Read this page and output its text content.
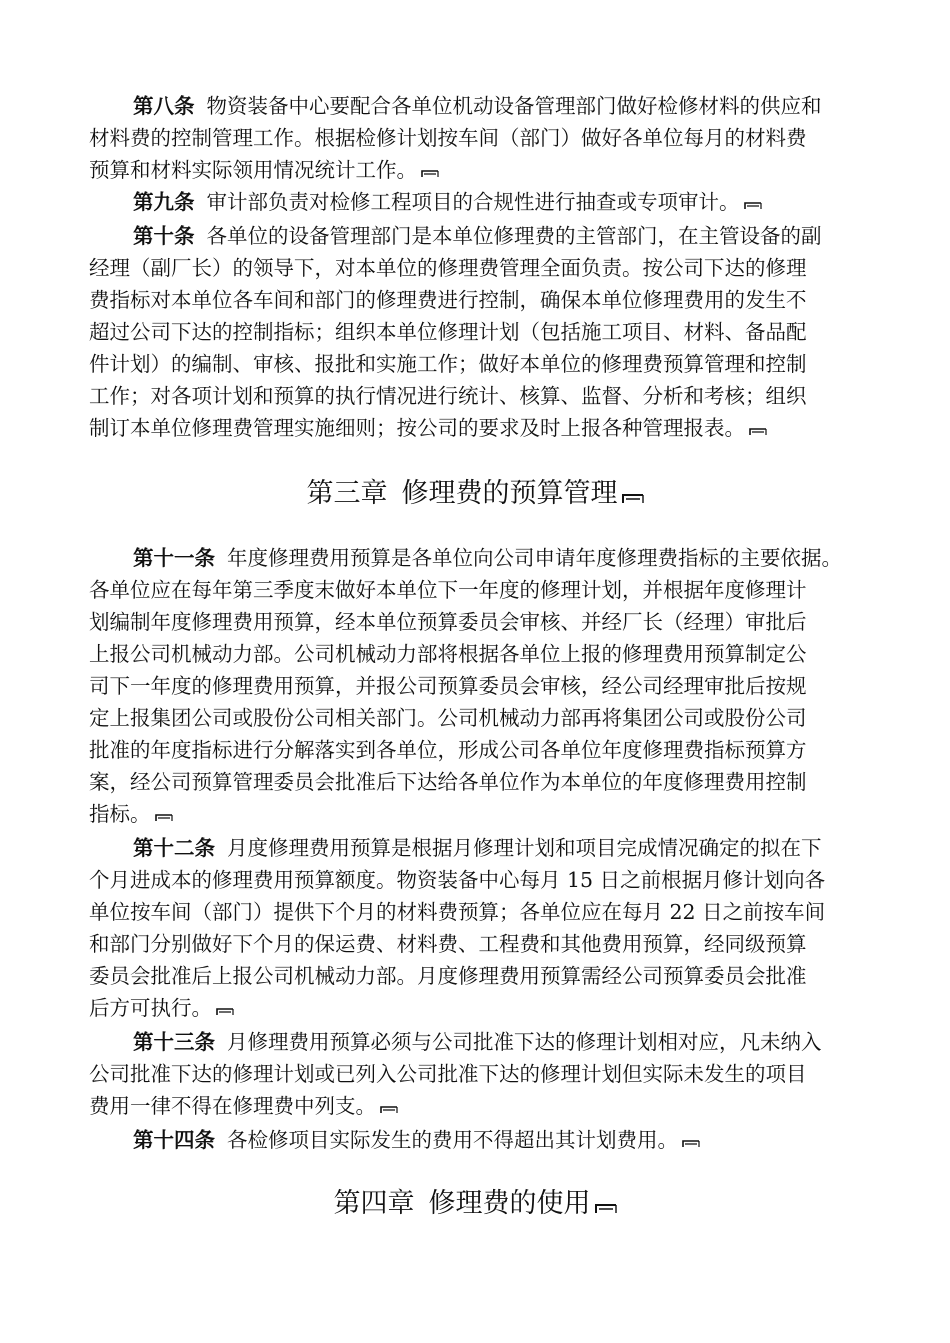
第八条 物资装备中心要配合各单位机动设备管理部门做好检修材料的供应和
材料费的控制管理工作。根据检修计划按车间（部门）做好各单位每月的材料费
预算和材料实际领用情况统计工作。
第九条 审计部负责对检修工程项目的合规性进行抽查或专项审计。
第十条 各单位的设备管理部门是本单位修理费的主管部门，在主管设备的副
经理（副厂长）的领导下，对本单位的修理费管理全面负责。按公司下达的修理
费指标对本单位各车间和部门的修理费进行控制，确保本单位修理费用的发生不
超过公司下达的控制指标；组织本单位修理计划（包括施工项目、材料、备品配
件计划）的编制、审核、报批和实施工作；做好本单位的修理费预算管理和控制
工作；对各项计划和预算的执行情况进行统计、核算、监督、分析和考核；组织
制订本单位修理费管理实施细则；按公司的要求及时上报各种管理报表。
第三章 修理费的预算管理
第十一条 年度修理费用预算是各单位向公司申请年度修理费指标的主要依据。
各单位应在每年第三季度末做好本单位下一年度的修理计划，并根据年度修理计
划编制年度修理费用预算，经本单位预算委员会审核、并经厂长（经理）审批后
上报公司机械动力部。公司机械动力部将根据各单位上报的修理费用预算制定公
司下一年度的修理费用预算，并报公司预算委员会审核，经公司经理审批后按规
定上报集团公司或股份公司相关部门。公司机械动力部再将集团公司或股份公司
批准的年度指标进行分解落实到各单位，形成公司各单位年度修理费指标预算方
案，经公司预算管理委员会批准后下达给各单位作为本单位的年度修理费用控制
指标。
第十二条 月度修理费用预算是根据月修理计划和项目完成情况确定的拟在下
个月进成本的修理费用预算额度。物资装备中心每月 15 日之前根据月修计划向各
单位按车间（部门）提供下个月的材料费预算；各单位应在每月 22 日之前按车间
和部门分别做好下个月的保运费、材料费、工程费和其他费用预算，经同级预算
委员会批准后上报公司机械动力部。月度修理费用预算需经公司预算委员会批准
后方可执行。
第十三条 月修理费用预算必须与公司批准下达的修理计划相对应，凡未纳入
公司批准下达的修理计划或已列入公司批准下达的修理计划但实际未发生的项目
费用一律不得在修理费中列支。
第十四条 各检修项目实际发生的费用不得超出其计划费用。
第四章 修理费的使用
